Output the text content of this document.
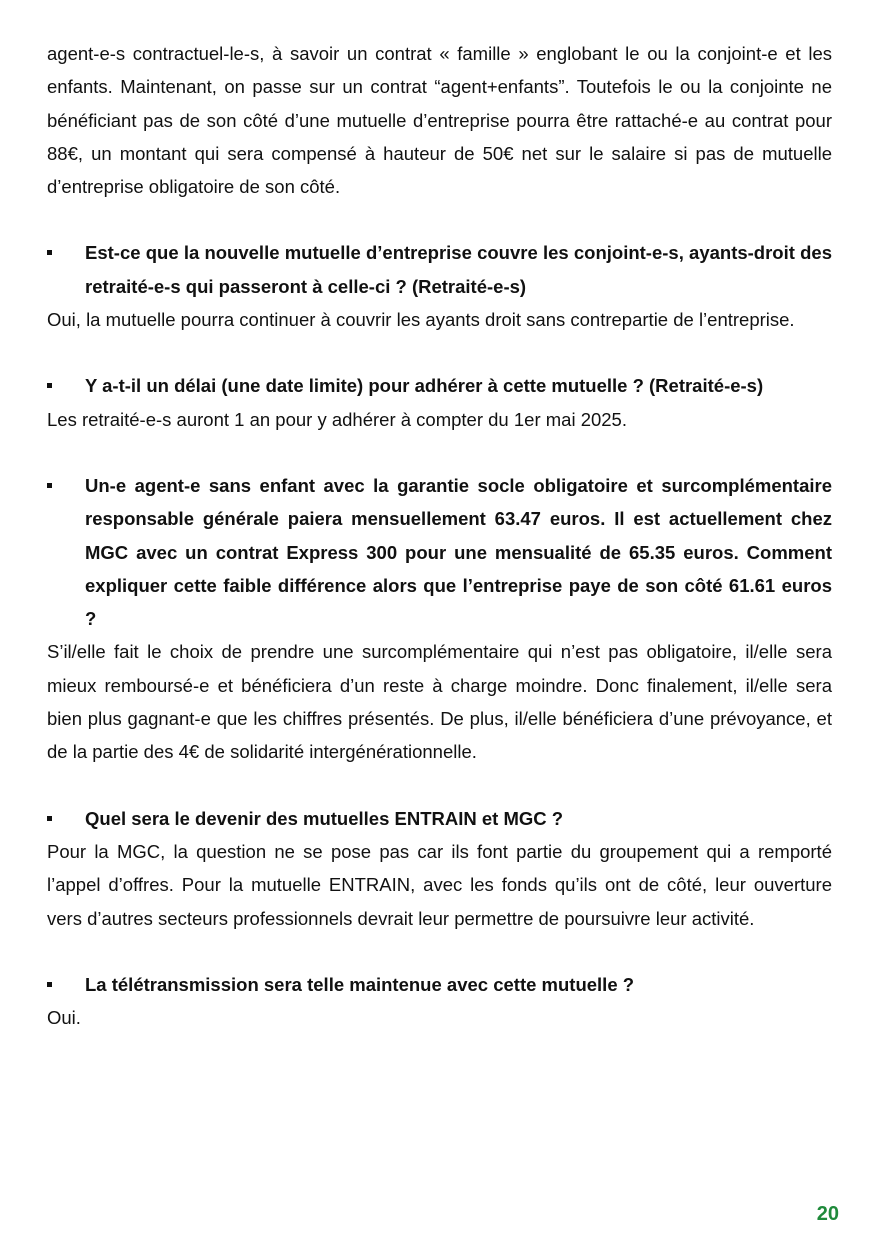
agent-e-s contractuel-le-s, à savoir un contrat « famille » englobant le ou la conjoint-e et les enfants. Maintenant, on passe sur un contrat “agent+enfants”. Toutefois le ou la conjointe ne bénéficiant pas de son côté d’une mutuelle d’entreprise pourra être rattaché-e au contrat pour 88€, un montant qui sera compensé à hauteur de 50€ net sur le salaire si pas de mutuelle d’entreprise obligatoire de son côté.

Est-ce que la nouvelle mutuelle d’entreprise couvre les conjoint-e-s, ayants-droit des retraité-e-s qui passeront à celle-ci ? (Retraité-e-s)

Oui, la mutuelle pourra continuer à couvrir les ayants droit sans contrepartie de l’entreprise.

Y a-t-il un délai (une date limite) pour adhérer à cette mutuelle ? (Retraité-e-s)

Les retraité-e-s auront 1 an pour y adhérer à compter du 1er mai 2025.

Un-e agent-e sans enfant avec la garantie socle obligatoire et surcomplémentaire responsable générale paiera mensuellement 63.47 euros. Il est actuellement chez MGC avec un contrat Express 300 pour une mensualité de 65.35 euros. Comment expliquer cette faible différence alors que l’entreprise paye de son côté 61.61 euros ?

S’il/elle fait le choix de prendre une surcomplémentaire qui n’est pas obligatoire, il/elle sera mieux remboursé-e et bénéficiera d’un reste à charge moindre. Donc finalement, il/elle sera bien plus gagnant-e que les chiffres présentés. De plus, il/elle bénéficiera d’une prévoyance, et de la partie des 4€ de solidarité intergénérationnelle.

Quel sera le devenir des mutuelles ENTRAIN et MGC ?

Pour la MGC, la question ne se pose pas car ils font partie du groupement qui a remporté l’appel d’offres. Pour la mutuelle ENTRAIN, avec les fonds qu’ils ont de côté, leur ouverture vers d’autres secteurs professionnels devrait leur permettre de poursuivre leur activité.

La télétransmission sera telle maintenue avec cette mutuelle ?

Oui.

20
